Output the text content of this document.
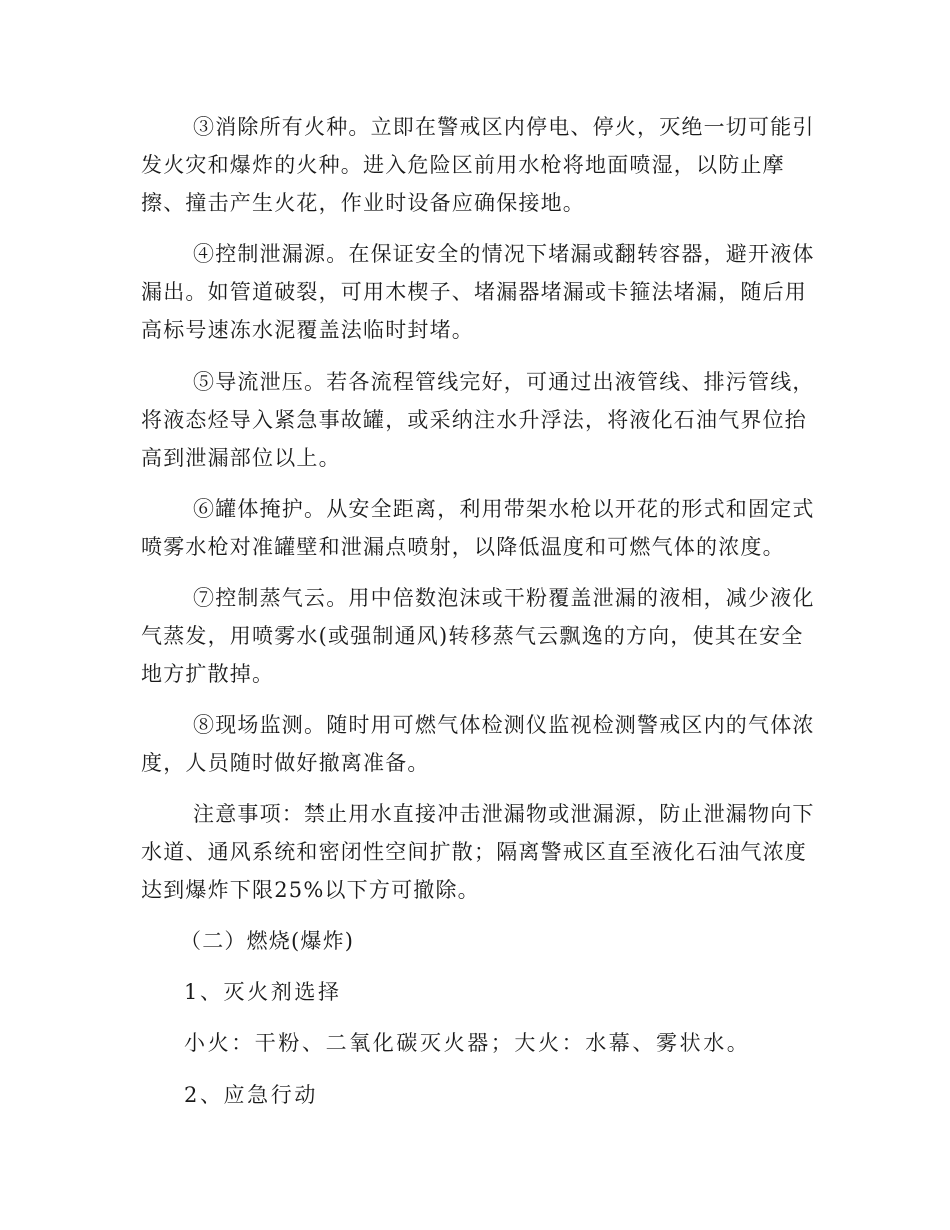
③消除所有火种。立即在警戒区内停电、停火，灭绝一切可能引
发火灾和爆炸的火种。进入危险区前用水枪将地面喷湿，以防止摩
擦、撞击产生火花，作业时设备应确保接地。
④控制泄漏源。在保证安全的情况下堵漏或翻转容器，避开液体
漏出。如管道破裂，可用木楔子、堵漏器堵漏或卡箍法堵漏，随后用
高标号速冻水泥覆盖法临时封堵。
⑤导流泄压。若各流程管线完好，可通过出液管线、排污管线，
将液态烃导入紧急事故罐，或采纳注水升浮法，将液化石油气界位抬
高到泄漏部位以上。
⑥罐体掩护。从安全距离，利用带架水枪以开花的形式和固定式
喷雾水枪对准罐壁和泄漏点喷射，以降低温度和可燃气体的浓度。
⑦控制蒸气云。用中倍数泡沫或干粉覆盖泄漏的液相，减少液化
气蒸发，用喷雾水(或强制通风)转移蒸气云飘逸的方向，使其在安全
地方扩散掉。
⑧现场监测。随时用可燃气体检测仪监视检测警戒区内的气体浓
度，人员随时做好撤离准备。
注意事项：禁止用水直接冲击泄漏物或泄漏源，防止泄漏物向下
水道、通风系统和密闭性空间扩散；隔离警戒区直至液化石油气浓度
达到爆炸下限25%以下方可撤除。
（二）燃烧(爆炸)
1、灭火剂选择
小火：干粉、二氧化碳灭火器；大火：水幕、雾状水。
2、应急行动
